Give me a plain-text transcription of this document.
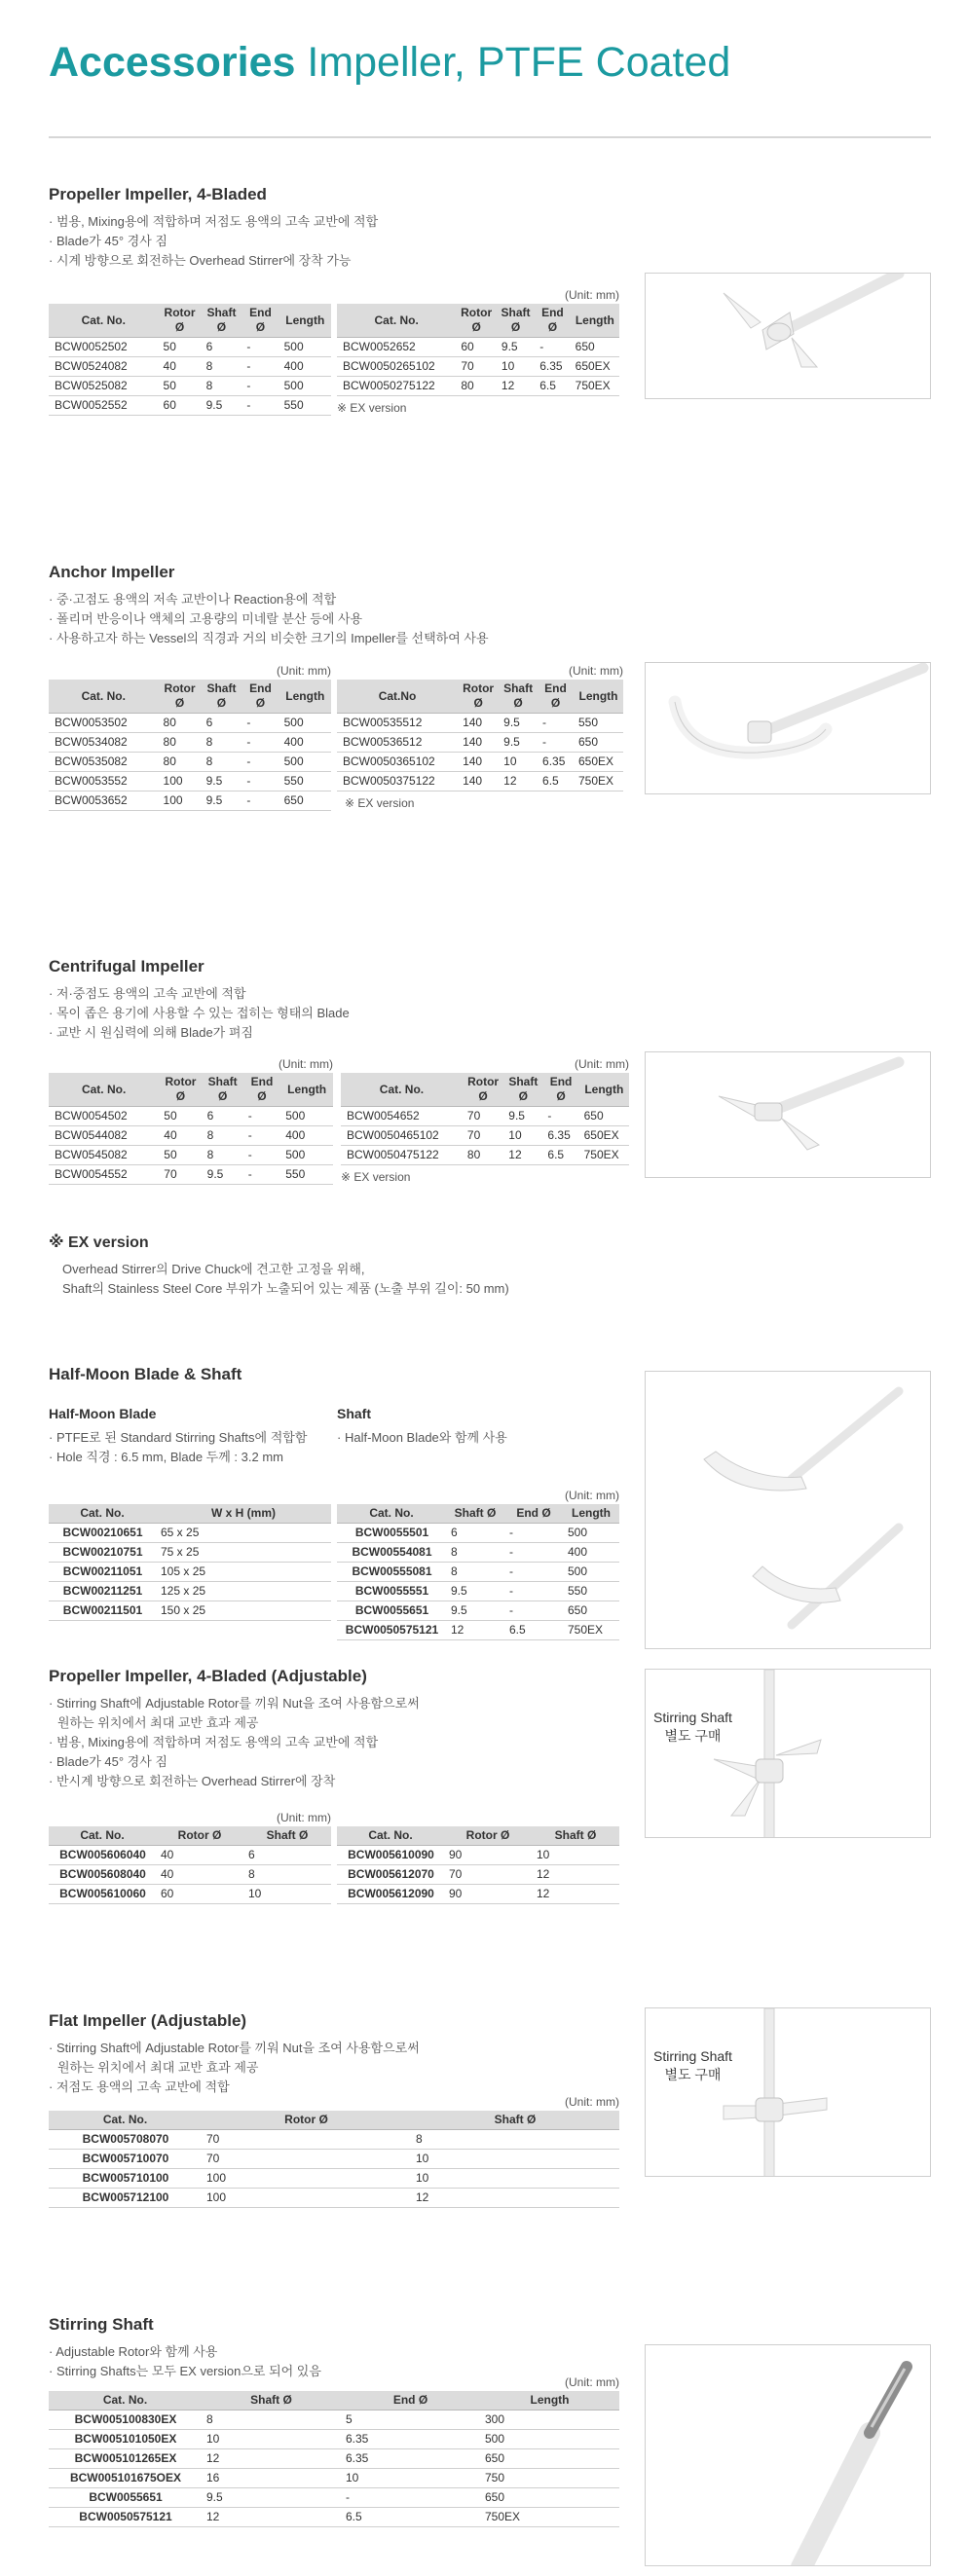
Accessories Impeller, PTFE Coated
Propeller Impeller, 4-Bladed
· 범용, Mixing용에 적합하며 저점도 용액의 고속 교반에 적합
· Blade가 45° 경사 짐
· 시계 방향으로 회전하는 Overhead Stirrer에 장착 가능
Cat. No.	Rotor Ø	Shaft Ø	End Ø	Length
BCW0052502	50	6	-	500
BCW0524082	40	8	-	400
BCW0525082	50	8	-	500
BCW0052552	60	9.5	-	550
(Unit: mm)
Cat. No.	Rotor Ø	Shaft Ø	End Ø	Length
BCW0052652	60	9.5	-	650
BCW0050265102	70	10	6.35	650EX
BCW0050275122	80	12	6.5	750EX
※ EX version
Anchor Impeller
· 중·고점도 용액의 저속 교반이나 Reaction용에 적합
· 폴리머 반응이나 액체의 고용량의 미네랄 분산 등에 사용
· 사용하고자 하는 Vessel의 직경과 거의 비슷한 크기의 Impeller를 선택하여 사용
(Unit: mm)
Cat. No.	Rotor Ø	Shaft Ø	End Ø	Length
BCW0053502	80	6	-	500
BCW0534082	80	8	-	400
BCW0535082	80	8	-	500
BCW0053552	100	9.5	-	550
BCW0053652	100	9.5	-	650
(Unit: mm)
Cat.No	Rotor Ø	Shaft Ø	End Ø	Length
BCW00535512	140	9.5	-	550
BCW00536512	140	9.5	-	650
BCW0050365102	140	10	6.35	650EX
BCW0050375122	140	12	6.5	750EX
※ EX version
Centrifugal Impeller
· 저·중점도 용액의 고속 교반에 적합
· 목이 좁은 용기에 사용할 수 있는 접히는 형태의 Blade
· 교반 시 원심력에 의해 Blade가 펴짐
(Unit: mm)
Cat. No.	Rotor Ø	Shaft Ø	End Ø	Length
BCW0054502	50	6	-	500
BCW0544082	40	8	-	400
BCW0545082	50	8	-	500
BCW0054552	70	9.5	-	550
(Unit: mm)
Cat. No.	Rotor Ø	Shaft Ø	End Ø	Length
BCW0054652	70	9.5	-	650
BCW0050465102	70	10	6.35	650EX
BCW0050475122	80	12	6.5	750EX
※ EX version
※ EX version

Overhead Stirrer의 Drive Chuck에 견고한 고정을 위해,

Shaft의 Stainless Steel Core 부위가 노출되어 있는 제품 (노출 부위 길이: 50 mm)

Half-Moon Blade & Shaft
Half-Moon Blade
· PTFE로 된 Standard Stirring Shafts에 적합함
· Hole 직경 : 6.5 mm, Blade 두께 : 3.2 mm
Shaft
· Half-Moon Blade와 함께 사용
Cat. No.	W x H (mm)
BCW00210651	65 x 25
BCW00210751	75 x 25
BCW00211051	105 x 25
BCW00211251	125 x 25
BCW00211501	150 x 25
(Unit: mm)
Cat. No.	Shaft Ø	End Ø	Length
BCW0055501	6	-	500
BCW00554081	8	-	400
BCW00555081	8	-	500
BCW0055551	9.5	-	550
BCW0055651	9.5	-	650
BCW0050575121	12	6.5	750EX
Propeller Impeller, 4-Bladed (Adjustable)
· Stirring Shaft에 Adjustable Rotor를 끼워 Nut을 조여 사용함으로써
원하는 위치에서 최대 교반 효과 제공
· 범용, Mixing용에 적합하며 저점도 용액의 고속 교반에 적합
· Blade가 45° 경사 짐
· 반시계 방향으로 회전하는 Overhead Stirrer에 장착
(Unit: mm)
Cat. No.	Rotor Ø	Shaft Ø
BCW005606040	40	6
BCW005608040	40	8
BCW005610060	60	10
Cat. No.	Rotor Ø	Shaft Ø
BCW005610090	90	10
BCW005612070	70	12
BCW005612090	90	12
Stirring Shaft
별도 구매
Flat Impeller (Adjustable)
· Stirring Shaft에 Adjustable Rotor를 끼워 Nut을 조여 사용함으로써
원하는 위치에서 최대 교반 효과 제공
· 저점도 용액의 고속 교반에 적합
(Unit: mm)
Cat. No.	Rotor Ø	Shaft Ø
BCW005708070	70	8
BCW005710070	70	10
BCW005710100	100	10
BCW005712100	100	12
Stirring Shaft
별도 구매
Stirring Shaft
· Adjustable Rotor와 함께 사용
· Stirring Shafts는 모두 EX version으로 되어 있음
(Unit: mm)
Cat. No.	Shaft Ø	End Ø	Length
BCW005100830EX	8	5	300
BCW005101050EX	10	6.35	500
BCW005101265EX	12	6.35	650
BCW005101675OEX	16	10	750
BCW0055651	9.5	-	650
BCW0050575121	12	6.5	750EX
